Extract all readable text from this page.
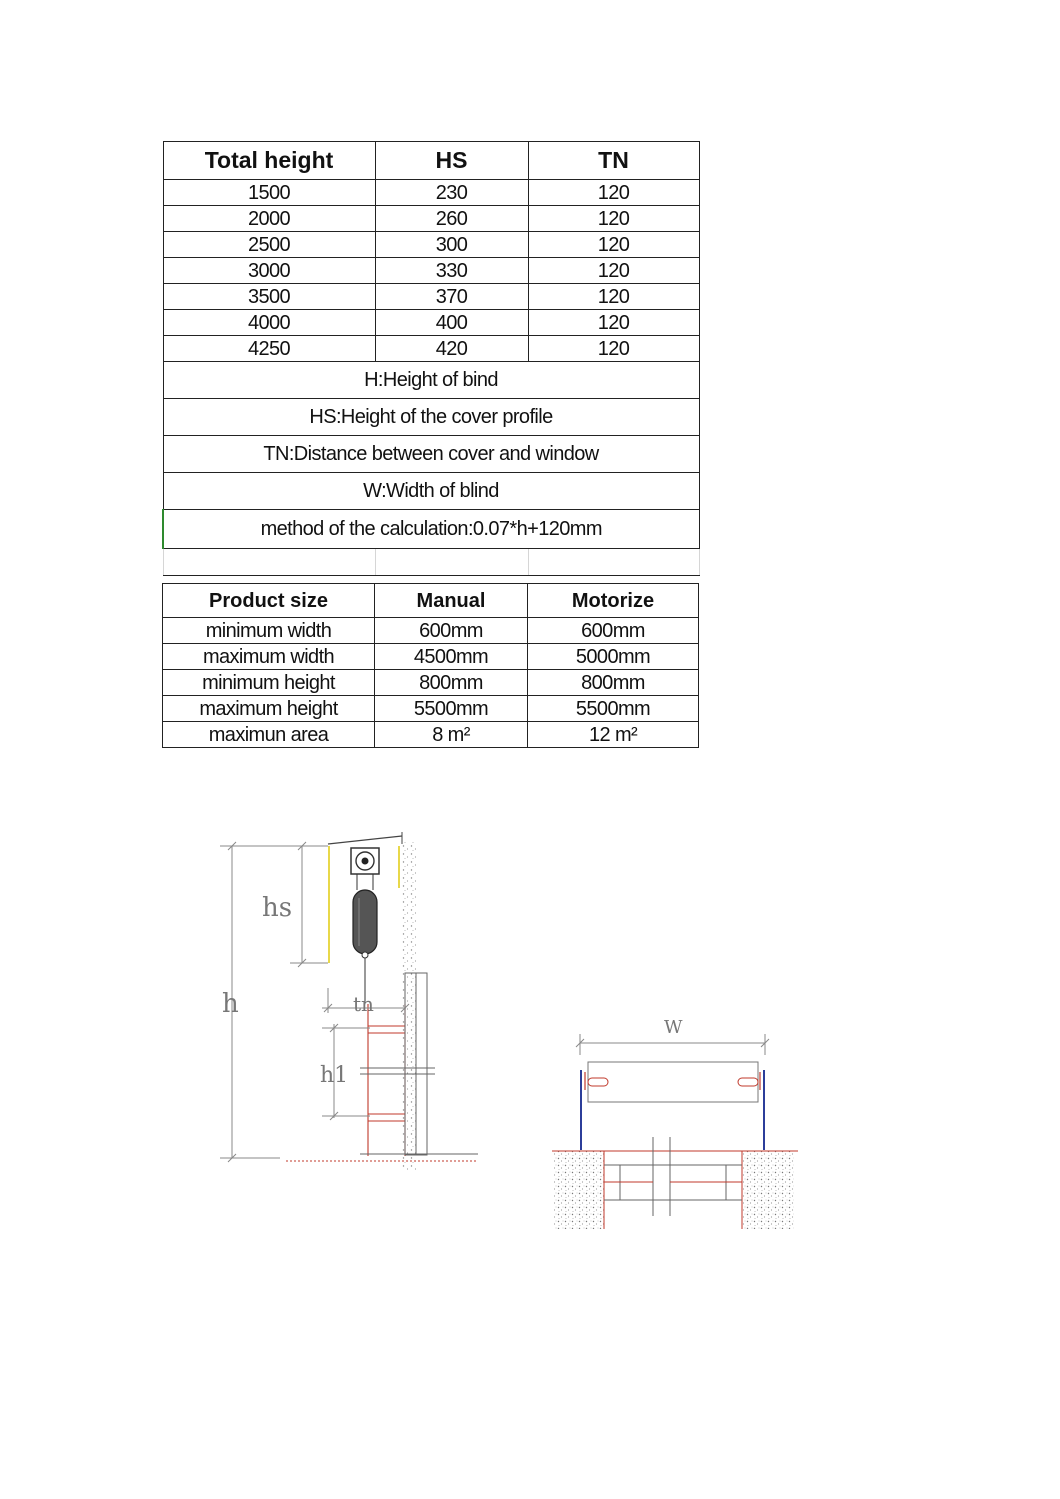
Total height	HS	TN
1500	230	120
2000	260	120
2500	300	120
3000	330	120
3500	370	120
4000	400	120
4250	420	120
H:Height of bind		
HS:Height of the cover profile		
TN:Distance between cover and window		
W:Width of blind		
method of the calculation:0.07*h+120mm		

Product size	Manual	Motorize
minimum width	600mm	600mm
maximum width	4500mm	5000mm
minimum height	800mm	800mm
maximum height	5500mm	5500mm
maximun area	8 m²	12 m²
h
hs
tn
h1
W
